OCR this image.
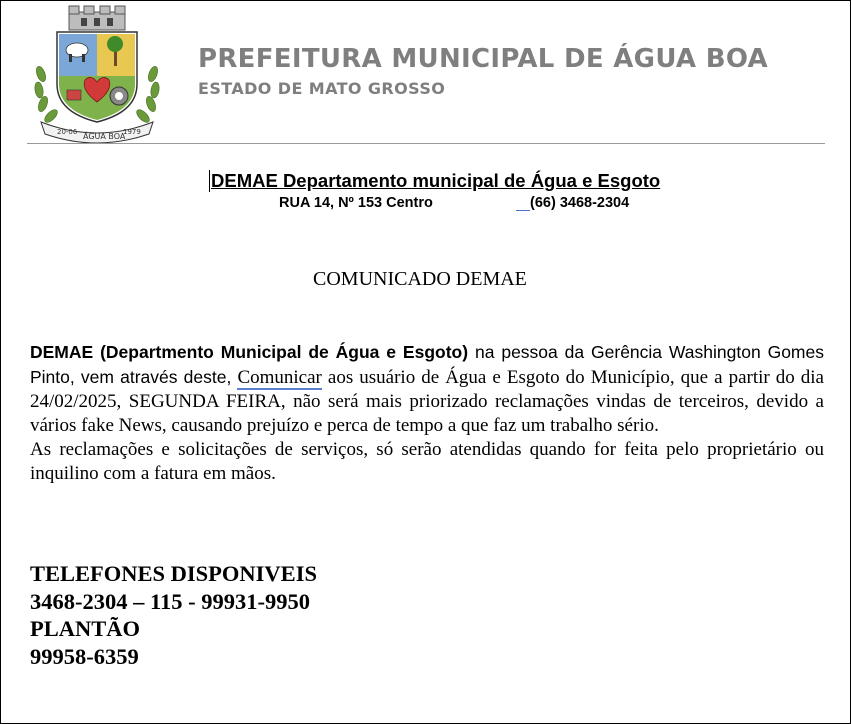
20-06 ÁGUA BOA
1979
PREFEITURA MUNICIPAL DE ÁGUA BOA
ESTADO DE MATO GROSSO
DEMAE Departamento municipal de Água e Esgoto
RUA 14, Nº 153 Centro	(66) 3468-2304
COMUNICADO DEMAE

DEMAE (Departmento Municipal de Água e Esgoto) na pessoa da Gerência Washington Gomes Pinto, vem através deste, Comunicar aos usuário de Água e Esgoto do Município, que a partir do dia 24/02/2025, SEGUNDA FEIRA, não será mais priorizado reclamações vindas de terceiros, devido a vários fake News, causando prejuízo e perca de tempo a que faz um trabalho sério.

As reclamações e solicitações de serviços, só serão atendidas quando for feita pelo proprietário ou inquilino com a fatura em mãos.

TELEFONES DISPONIVEIS
3468-2304 – 115 - 99931-9950
PLANTÃO
99958-6359
